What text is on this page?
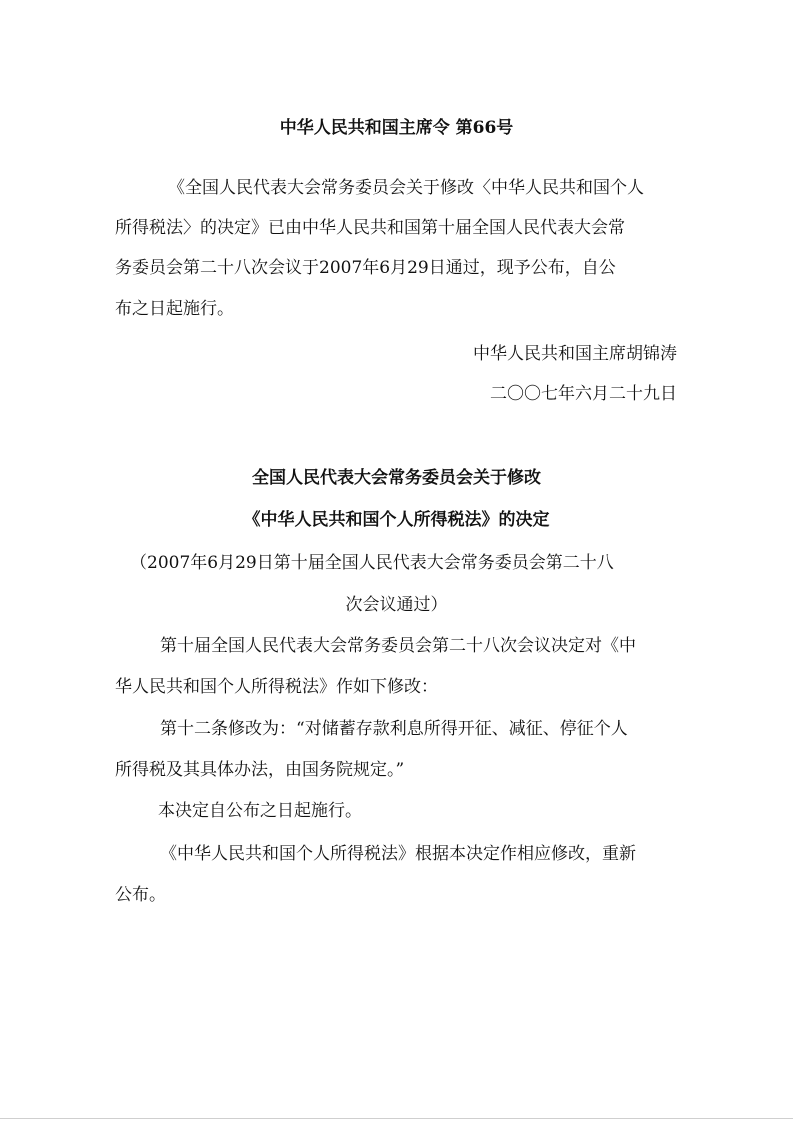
中华人民共和国主席令 第66号
《全国人民代表大会常务委员会关于修改〈中华人民共和国个人
所得税法〉的决定》已由中华人民共和国第十届全国人民代表大会常
务委员会第二十八次会议于2007年6月29日通过，现予公布，自公
布之日起施行。
中华人民共和国主席胡锦涛
二〇〇七年六月二十九日
全国人民代表大会常务委员会关于修改
《中华人民共和国个人所得税法》的决定
（2007年6月29日第十届全国人民代表大会常务委员会第二十八
次会议通过）
第十届全国人民代表大会常务委员会第二十八次会议决定对《中
华人民共和国个人所得税法》作如下修改：
第十二条修改为：“对储蓄存款利息所得开征、减征、停征个人
所得税及其具体办法，由国务院规定。”
本决定自公布之日起施行。
《中华人民共和国个人所得税法》根据本决定作相应修改，重新
公布。
